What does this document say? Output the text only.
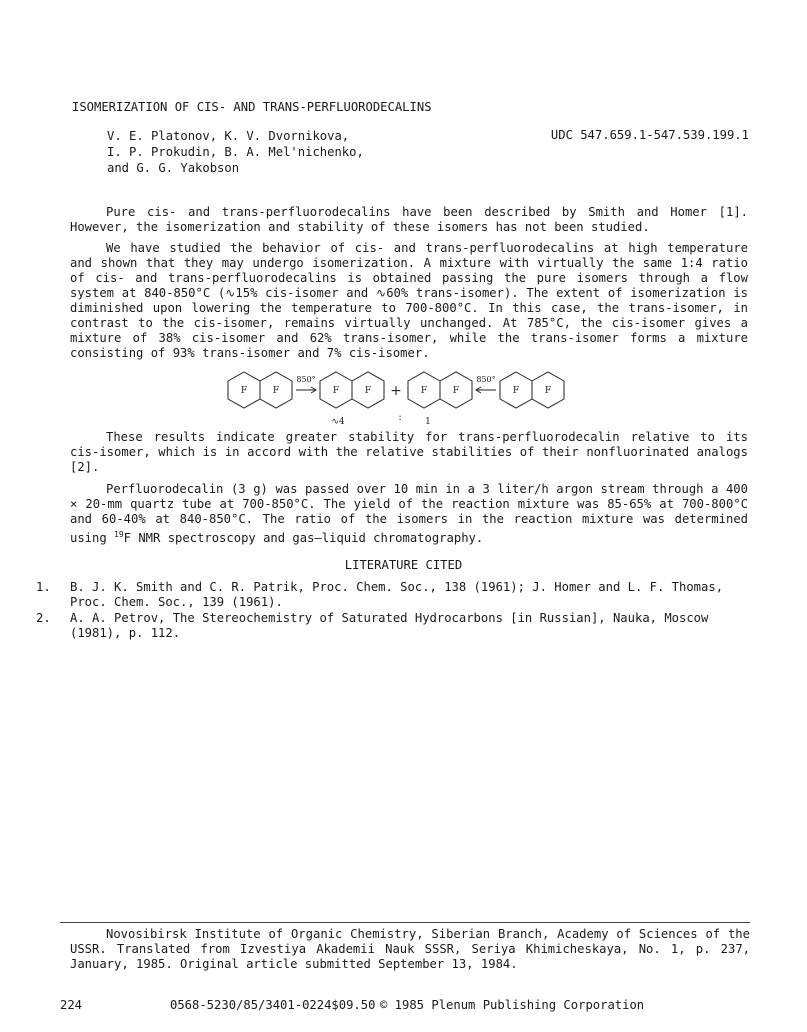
ISOMERIZATION OF CIS- AND TRANS-PERFLUORODECALINS
V. E. Platonov, K. V. Dvornikova,
I. P. Prokudin, B. A. Mel'nichenko,
and G. G. Yakobson
UDC 547.659.1-547.539.199.1

Pure cis- and trans-perfluorodecalins have been described by Smith and Homer [1]. However, the isomerization and stability of these isomers has not been studied.

We have studied the behavior of cis- and trans-perfluorodecalins at high temperature and shown that they may undergo isomerization. A mixture with virtually the same 1:4 ratio of cis- and trans-perfluorodecalins is obtained passing the pure isomers through a flow system at 840-850°C (∿15% cis-isomer and ∿60% trans-isomer). The extent of isomerization is diminished upon lowering the temperature to 700-800°C. In this case, the trans-isomer, in contrast to the cis-isomer, remains virtually unchanged. At 785°C, the cis-isomer gives a mixture of 38% cis-isomer and 62% trans-isomer, while the trans-isomer forms a mixture consisting of 93% trans-isomer and 7% cis-isomer.

F	F	F	F	F	F	F	F
850°	850°
+
∿4	:	1

These results indicate greater stability for trans-perfluorodecalin relative to its cis-isomer, which is in accord with the relative stabilities of their nonfluorinated analogs [2].

Perfluorodecalin (3 g) was passed over 10 min in a 3 liter/h argon stream through a 400 × 20-mm quartz tube at 700-850°C. The yield of the reaction mixture was 85-65% at 700-800°C and 60-40% at 840-850°C. The ratio of the isomers in the reaction mixture was determined using $^{19}$F NMR spectroscopy and gas—liquid chromatography.

LITERATURE CITED
1.	B. J. K. Smith and C. R. Patrik, Proc. Chem. Soc., 138 (1961); J. Homer and L. F. Thomas, Proc. Chem. Soc., 139 (1961).
2.	A. A. Petrov, The Stereochemistry of Saturated Hydrocarbons [in Russian], Nauka, Moscow (1981), p. 112.

Novosibirsk Institute of Organic Chemistry, Siberian Branch, Academy of Sciences of the USSR. Translated from Izvestiya Akademii Nauk SSSR, Seriya Khimicheskaya, No. 1, p. 237, January, 1985. Original article submitted September 13, 1984.

224	0568-5230/85/3401-0224$09.50 © 1985 Plenum Publishing Corporation
